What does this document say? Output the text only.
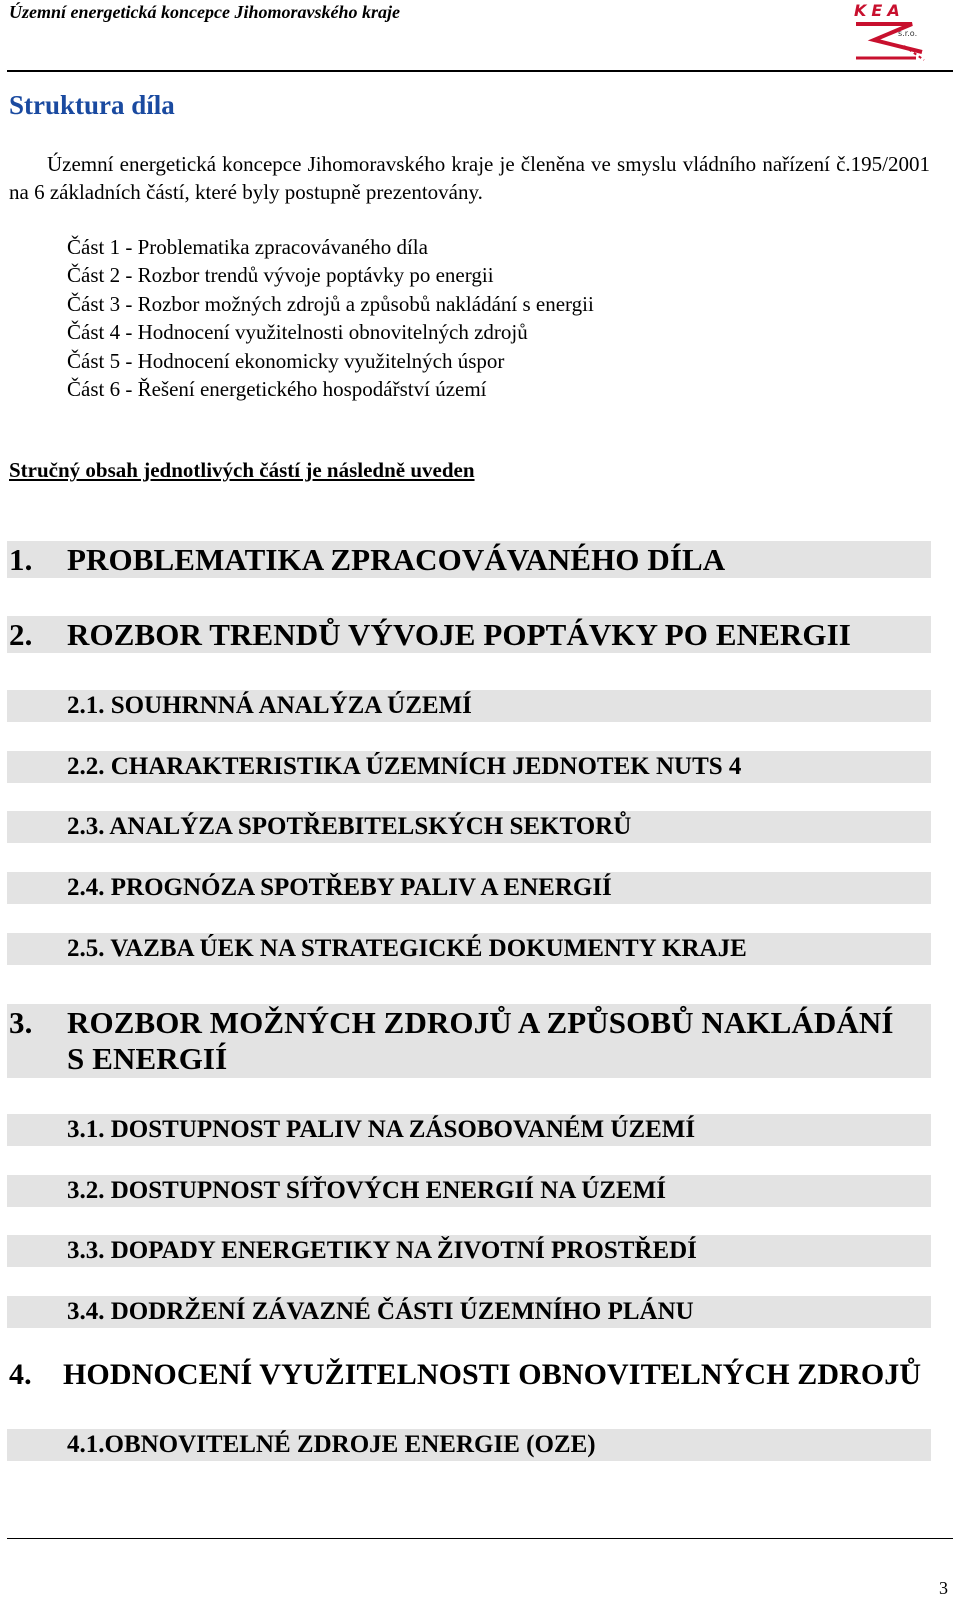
Územní energetická koncepce Jihomoravského kraje	KEA
s.r.o.
Struktura díla
Územní energetická koncepce Jihomoravského kraje je členěna ve smyslu vládního nařízení č.195/2001 na 6 základních částí, které byly postupně prezentovány.
Část 1 - Problematika zpracovávaného díla
Část 2 - Rozbor trendů vývoje poptávky po energii
Část 3 - Rozbor možných zdrojů a způsobů nakládání s energii
Část 4 - Hodnocení využitelnosti obnovitelných zdrojů
Část 5 - Hodnocení ekonomicky využitelných úspor
Část 6 - Řešení energetického hospodářství území
Stručný obsah jednotlivých částí je následně uveden
1. PROBLEMATIKA ZPRACOVÁVANÉHO DÍLA
2. ROZBOR TRENDŮ VÝVOJE POPTÁVKY PO ENERGII
2.1. SOUHRNNÁ ANALÝZA ÚZEMÍ
2.2. CHARAKTERISTIKA ÚZEMNÍCH JEDNOTEK NUTS 4
2.3. ANALÝZA SPOTŘEBITELSKÝCH SEKTORŮ
2.4. PROGNÓZA SPOTŘEBY PALIV A ENERGIÍ
2.5. VAZBA ÚEK NA STRATEGICKÉ DOKUMENTY KRAJE
3. ROZBOR MOŽNÝCH ZDROJŮ A ZPŮSOBŮ NAKLÁDÁNÍ
S ENERGIÍ
3.1. DOSTUPNOST PALIV NA ZÁSOBOVANÉM ÚZEMÍ
3.2. DOSTUPNOST SÍŤOVÝCH ENERGIÍ NA ÚZEMÍ
3.3. DOPADY ENERGETIKY NA ŽIVOTNÍ PROSTŘEDÍ
3.4. DODRŽENÍ ZÁVAZNÉ ČÁSTI ÚZEMNÍHO PLÁNU
4. HODNOCENÍ VYUŽITELNOSTI OBNOVITELNÝCH ZDROJŮ
4.1.OBNOVITELNÉ ZDROJE ENERGIE (OZE)
3
